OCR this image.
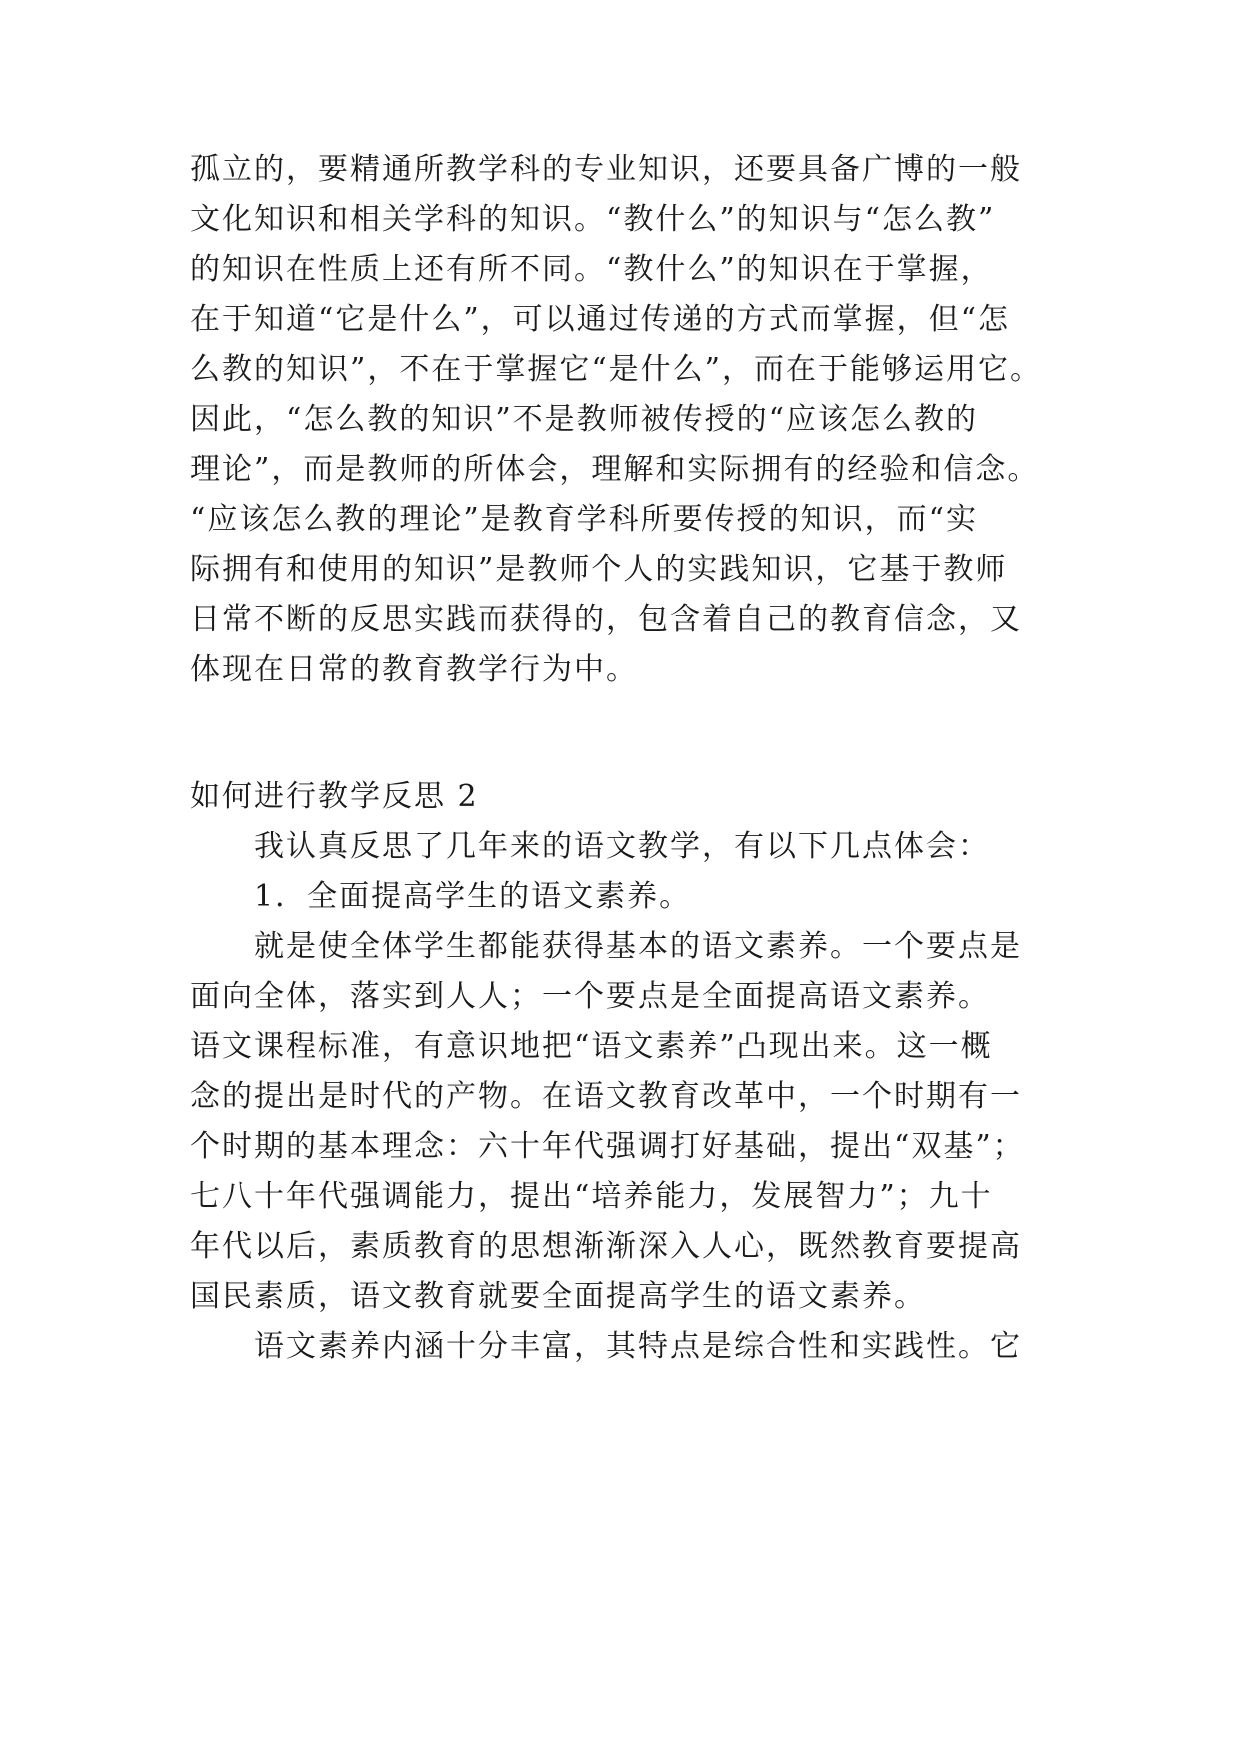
孤立的，要精通所教学科的专业知识，还要具备广博的一般
文化知识和相关学科的知识。“教什么”的知识与“怎么教”
的知识在性质上还有所不同。“教什么”的知识在于掌握，
在于知道“它是什么”，可以通过传递的方式而掌握，但“怎
么教的知识”，不在于掌握它“是什么”，而在于能够运用它。
因此，“怎么教的知识”不是教师被传授的“应该怎么教的
理论”，而是教师的所体会，理解和实际拥有的经验和信念。
“应该怎么教的理论”是教育学科所要传授的知识，而“实
际拥有和使用的知识”是教师个人的实践知识，它基于教师
日常不断的反思实践而获得的，包含着自己的教育信念，又
体现在日常的教育教学行为中。
如何进行教学反思 2
我认真反思了几年来的语文教学，有以下几点体会：
1．全面提高学生的语文素养。
就是使全体学生都能获得基本的语文素养。一个要点是
面向全体，落实到人人；一个要点是全面提高语文素养。
语文课程标准，有意识地把“语文素养”凸现出来。这一概
念的提出是时代的产物。在语文教育改革中，一个时期有一
个时期的基本理念：六十年代强调打好基础，提出“双基”；
七八十年代强调能力，提出“培养能力，发展智力”；九十
年代以后，素质教育的思想渐渐深入人心，既然教育要提高
国民素质，语文教育就要全面提高学生的语文素养。
语文素养内涵十分丰富，其特点是综合性和实践性。它
